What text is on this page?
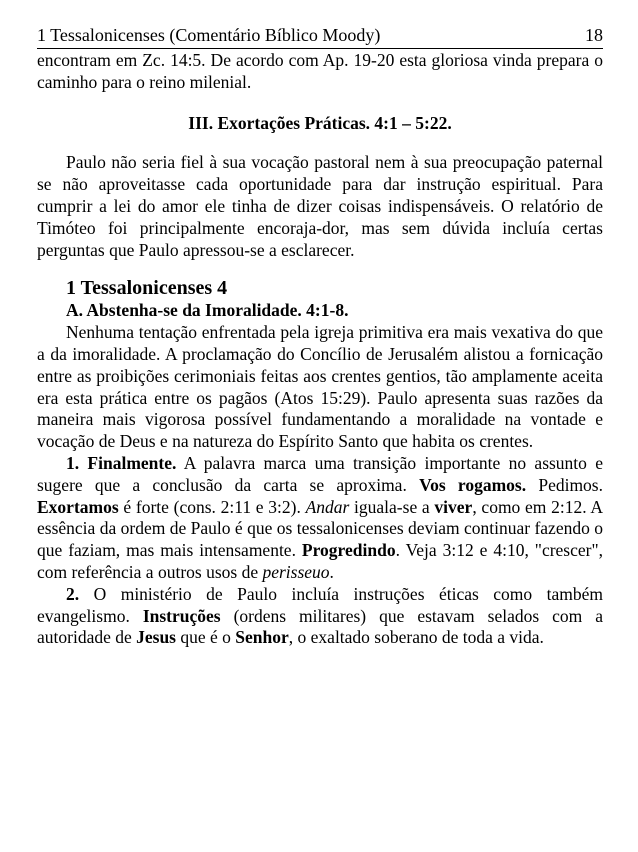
1 Tessalonicenses (Comentário Bíblico Moody)	18

encontram em Zc. 14:5. De acordo com Ap. 19-20 esta gloriosa vinda prepara o caminho para o reino milenial.

III. Exortações Práticas. 4:1 – 5:22.

Paulo não seria fiel à sua vocação pastoral nem à sua preocupação paternal se não aproveitasse cada oportunidade para dar instrução espiritual. Para cumprir a lei do amor ele tinha de dizer coisas indispensáveis. O relatório de Timóteo foi principalmente encoraja-dor, mas sem dúvida incluía certas perguntas que Paulo apressou-se a esclarecer.

1 Tessalonicenses 4

A. Abstenha-se da Imoralidade. 4:1-8.

Nenhuma tentação enfrentada pela igreja primitiva era mais vexativa do que a da imoralidade. A proclamação do Concílio de Jerusalém alistou a fornicação entre as proibições cerimoniais feitas aos crentes gentios, tão amplamente aceita era esta prática entre os pagãos (Atos 15:29). Paulo apresenta suas razões da maneira mais vigorosa possível fundamentando a moralidade na vontade e vocação de Deus e na natureza do Espírito Santo que habita os crentes.

1. Finalmente. A palavra marca uma transição importante no assunto e sugere que a conclusão da carta se aproxima. Vos rogamos. Pedimos. Exortamos é forte (cons. 2:11 e 3:2). Andar iguala-se a viver, como em 2:12. A essência da ordem de Paulo é que os tessalonicenses deviam continuar fazendo o que faziam, mas mais intensamente. Progredindo. Veja 3:12 e 4:10, "crescer", com referência a outros usos de perisseuo.

2. O ministério de Paulo incluía instruções éticas como também evangelismo. Instruções (ordens militares) que estavam selados com a autoridade de Jesus que é o Senhor, o exaltado soberano de toda a vida.
